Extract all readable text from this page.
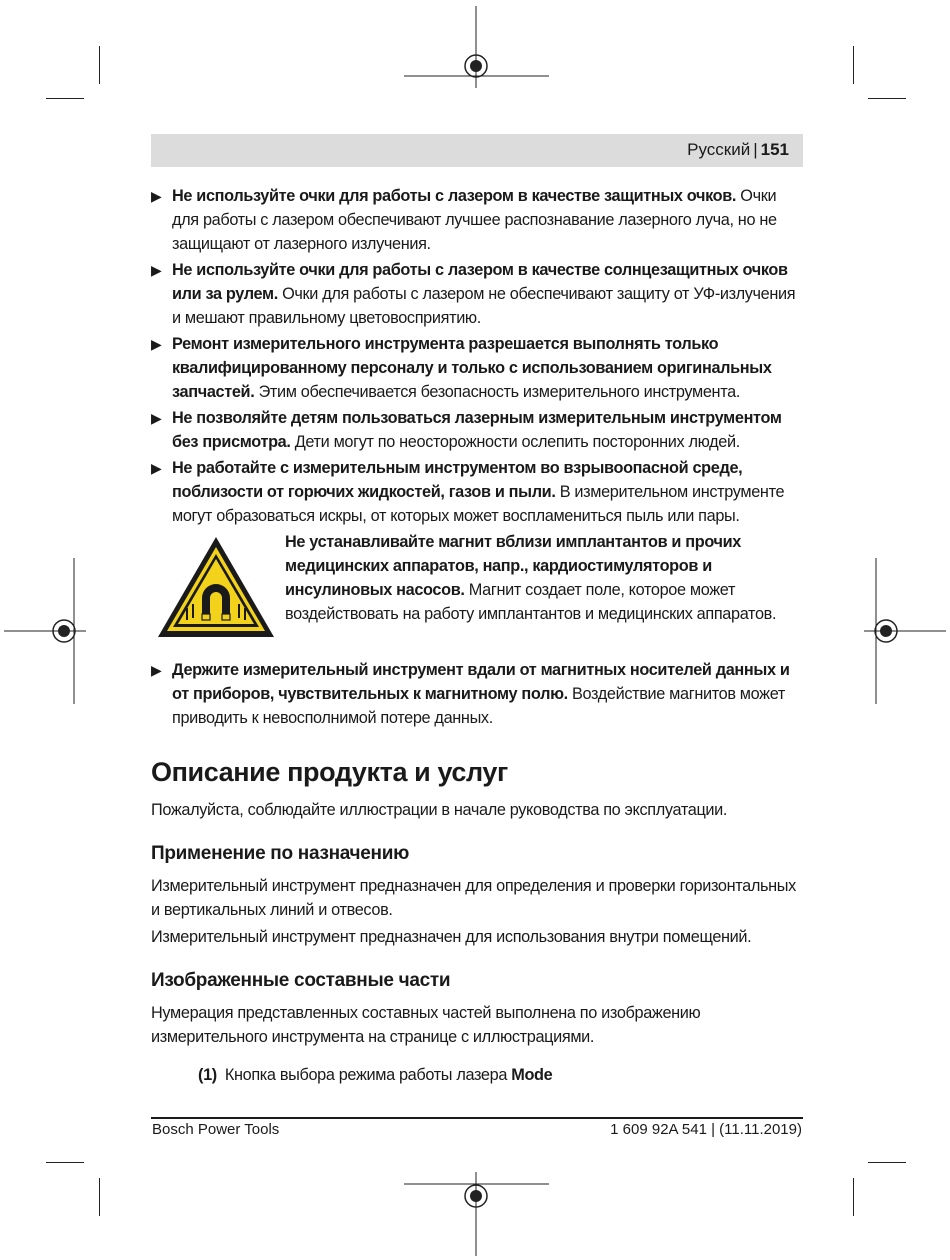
Русский | 151
▶ Не используйте очки для работы с лазером в качестве защитных очков. Очки для работы с лазером обеспечивают лучшее распознавание лазерного луча, но не защищают от лазерного излучения.
▶ Не используйте очки для работы с лазером в качестве солнцезащитных очков или за рулем. Очки для работы с лазером не обеспечивают защиту от УФ-излучения и мешают правильному цветовосприятию.
▶ Ремонт измерительного инструмента разрешается выполнять только квалифицированному персоналу и только с использованием оригинальных запчастей. Этим обеспечивается безопасность измерительного инструмента.
▶ Не позволяйте детям пользоваться лазерным измерительным инструментом без присмотра. Дети могут по неосторожности ослепить посторонних людей.
▶ Не работайте с измерительным инструментом во взрывоопасной среде, поблизости от горючих жидкостей, газов и пыли. В измерительном инструменте могут образоваться искры, от которых может воспламениться пыль или пары.
Не устанавливайте магнит вблизи имплантантов и прочих медицинских аппаратов, напр., кардиостимуляторов и инсулиновых насосов. Магнит создает поле, которое может воздействовать на работу имплантантов и медицинских аппаратов.
▶ Держите измерительный инструмент вдали от магнитных носителей данных и от приборов, чувствительных к магнитному полю. Воздействие магнитов может приводить к невосполнимой потере данных.
Описание продукта и услуг

Пожалуйста, соблюдайте иллюстрации в начале руководства по эксплуатации.

Применение по назначению

Измерительный инструмент предназначен для определения и проверки горизонтальных и вертикальных линий и отвесов.

Измерительный инструмент предназначен для использования внутри помещений.

Изображенные составные части

Нумерация представленных составных частей выполнена по изображению измерительного инструмента на странице с иллюстрациями.

(1) Кнопка выбора режима работы лазера Mode
Bosch Power Tools	1 609 92A 541 | (11.11.2019)
